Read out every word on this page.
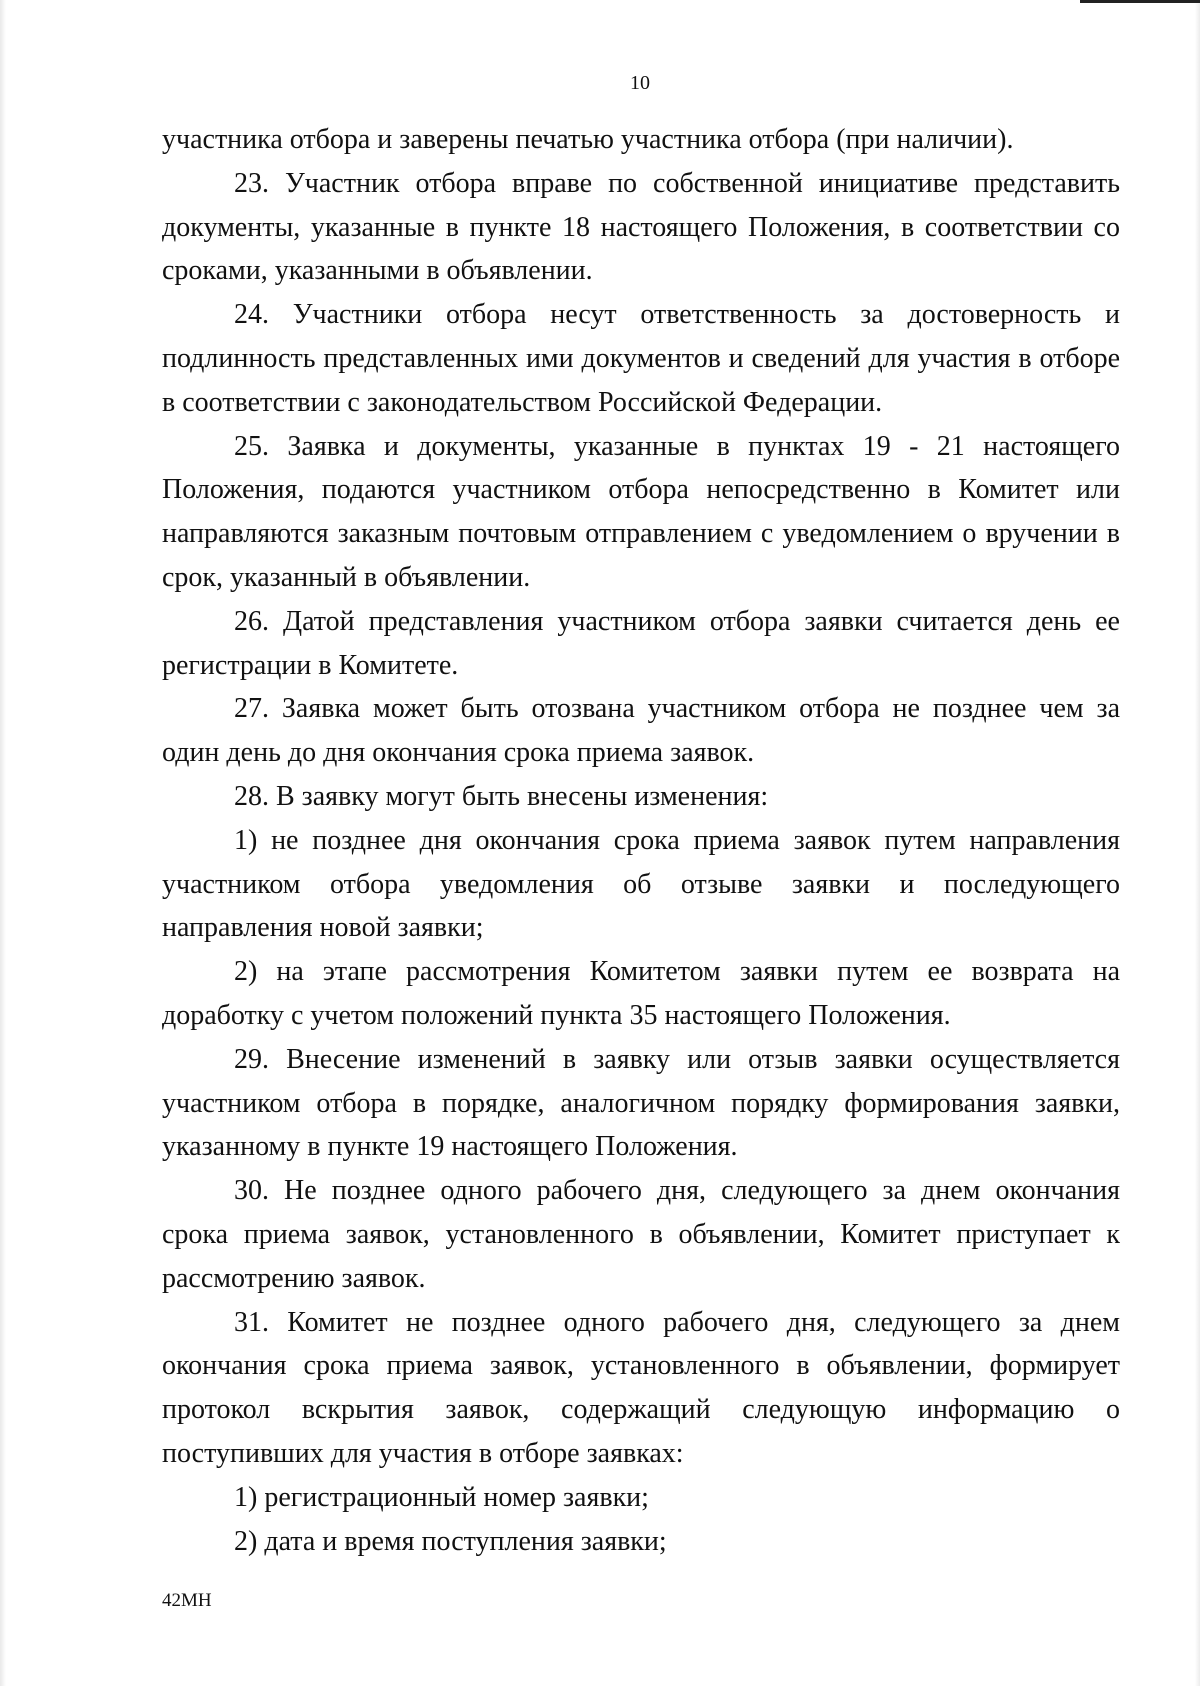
10

участника отбора и заверены печатью участника отбора (при наличии).

23. Участник отбора вправе по собственной инициативе представить документы, указанные в пункте 18 настоящего Положения, в соответствии со сроками, указанными в объявлении.

24. Участники отбора несут ответственность за достоверность и подлинность представленных ими документов и сведений для участия в отборе в соответствии с законодательством Российской Федерации.

25. Заявка и документы, указанные в пунктах 19 - 21 настоящего Положения, подаются участником отбора непосредственно в Комитет или направляются заказным почтовым отправлением с уведомлением о вручении в срок, указанный в объявлении.

26. Датой представления участником отбора заявки считается день ее регистрации в Комитете.

27. Заявка может быть отозвана участником отбора не позднее чем за один день до дня окончания срока приема заявок.

28. В заявку могут быть внесены изменения:

1) не позднее дня окончания срока приема заявок путем направления участником отбора уведомления об отзыве заявки и последующего направления новой заявки;

2) на этапе рассмотрения Комитетом заявки путем ее возврата на доработку с учетом положений пункта 35 настоящего Положения.

29. Внесение изменений в заявку или отзыв заявки осуществляется участником отбора в порядке, аналогичном порядку формирования заявки, указанному в пункте 19 настоящего Положения.

30. Не позднее одного рабочего дня, следующего за днем окончания срока приема заявок, установленного в объявлении, Комитет приступает к рассмотрению заявок.

31. Комитет не позднее одного рабочего дня, следующего за днем окончания срока приема заявок, установленного в объявлении, формирует протокол вскрытия заявок, содержащий следующую информацию о поступивших для участия в отборе заявках:

1) регистрационный номер заявки;

2) дата и время поступления заявки;

42МН
